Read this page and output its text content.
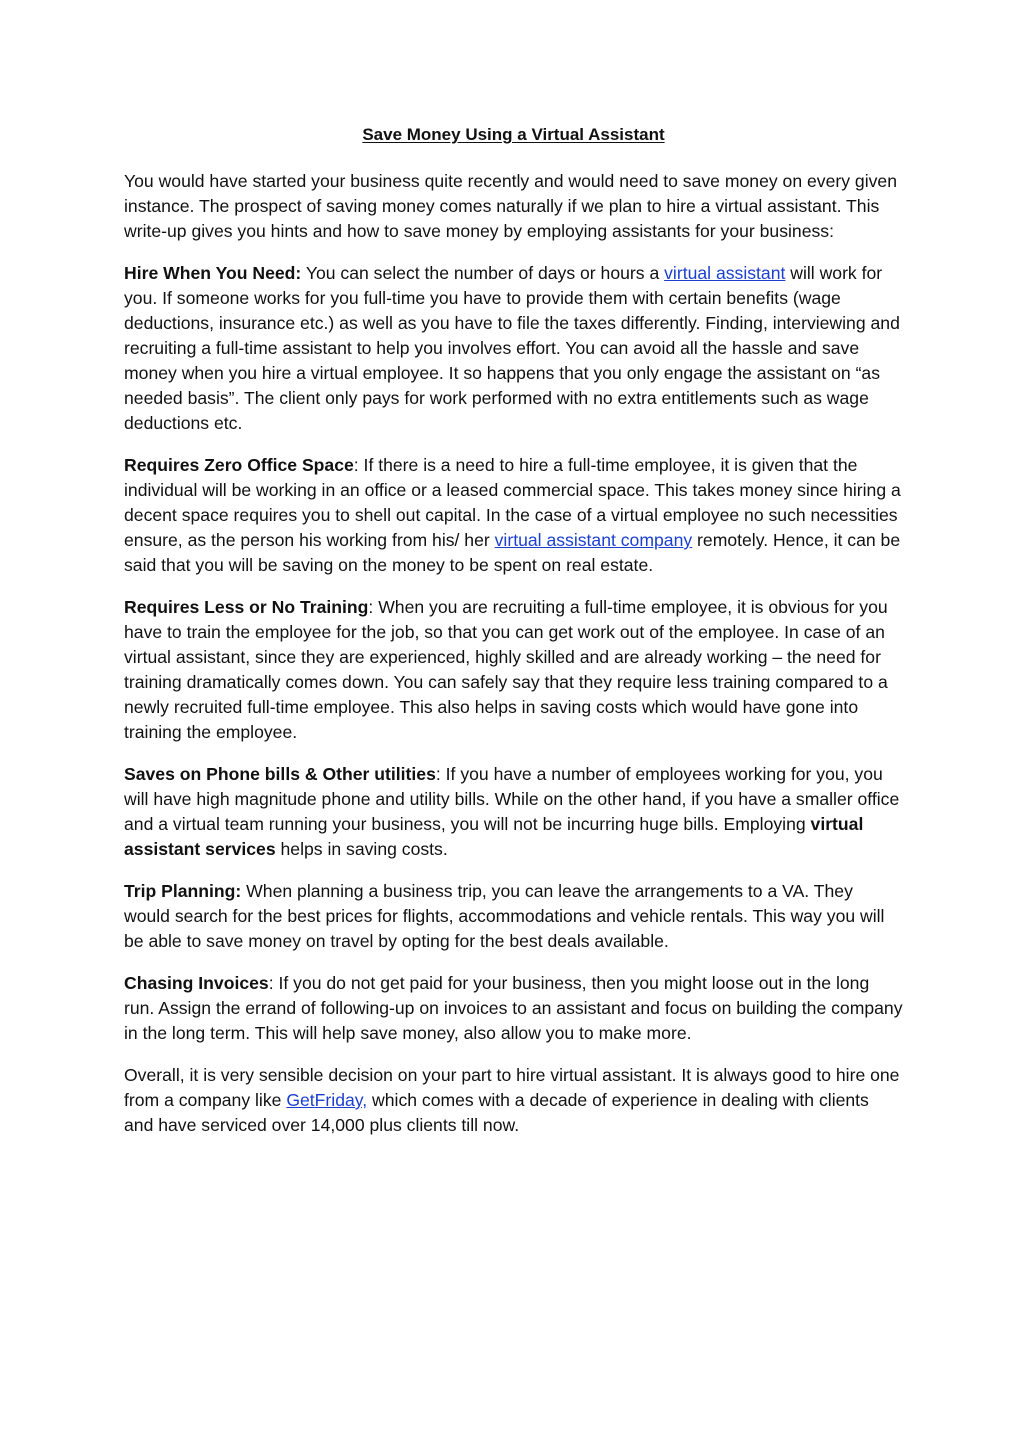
Save Money Using a Virtual Assistant

You would have started your business quite recently and would need to save money on every given instance. The prospect of saving money comes naturally if we plan to hire a virtual assistant. This write-up gives you hints and how to save money by employing assistants for your business:

Hire When You Need: You can select the number of days or hours a virtual assistant will work for you. If someone works for you full-time you have to provide them with certain benefits (wage deductions, insurance etc.) as well as you have to file the taxes differently. Finding, interviewing and recruiting a full-time assistant to help you involves effort. You can avoid all the hassle and save money when you hire a virtual employee. It so happens that you only engage the assistant on “as needed basis”. The client only pays for work performed with no extra entitlements such as wage deductions etc.

Requires Zero Office Space: If there is a need to hire a full-time employee, it is given that the individual will be working in an office or a leased commercial space. This takes money since hiring a decent space requires you to shell out capital. In the case of a virtual employee no such necessities ensure, as the person his working from his/ her virtual assistant company remotely. Hence, it can be said that you will be saving on the money to be spent on real estate.

Requires Less or No Training: When you are recruiting a full-time employee, it is obvious for you have to train the employee for the job, so that you can get work out of the employee. In case of an virtual assistant, since they are experienced, highly skilled and are already working – the need for training dramatically comes down. You can safely say that they require less training compared to a newly recruited full-time employee. This also helps in saving costs which would have gone into training the employee.

Saves on Phone bills & Other utilities: If you have a number of employees working for you, you will have high magnitude phone and utility bills. While on the other hand, if you have a smaller office and a virtual team running your business, you will not be incurring huge bills. Employing virtual assistant services helps in saving costs.

Trip Planning: When planning a business trip, you can leave the arrangements to a VA. They would search for the best prices for flights, accommodations and vehicle rentals. This way you will be able to save money on travel by opting for the best deals available.

Chasing Invoices: If you do not get paid for your business, then you might loose out in the long run. Assign the errand of following-up on invoices to an assistant and focus on building the company in the long term. This will help save money, also allow you to make more.

Overall, it is very sensible decision on your part to hire virtual assistant. It is always good to hire one from a company like GetFriday, which comes with a decade of experience in dealing with clients and have serviced over 14,000 plus clients till now.
